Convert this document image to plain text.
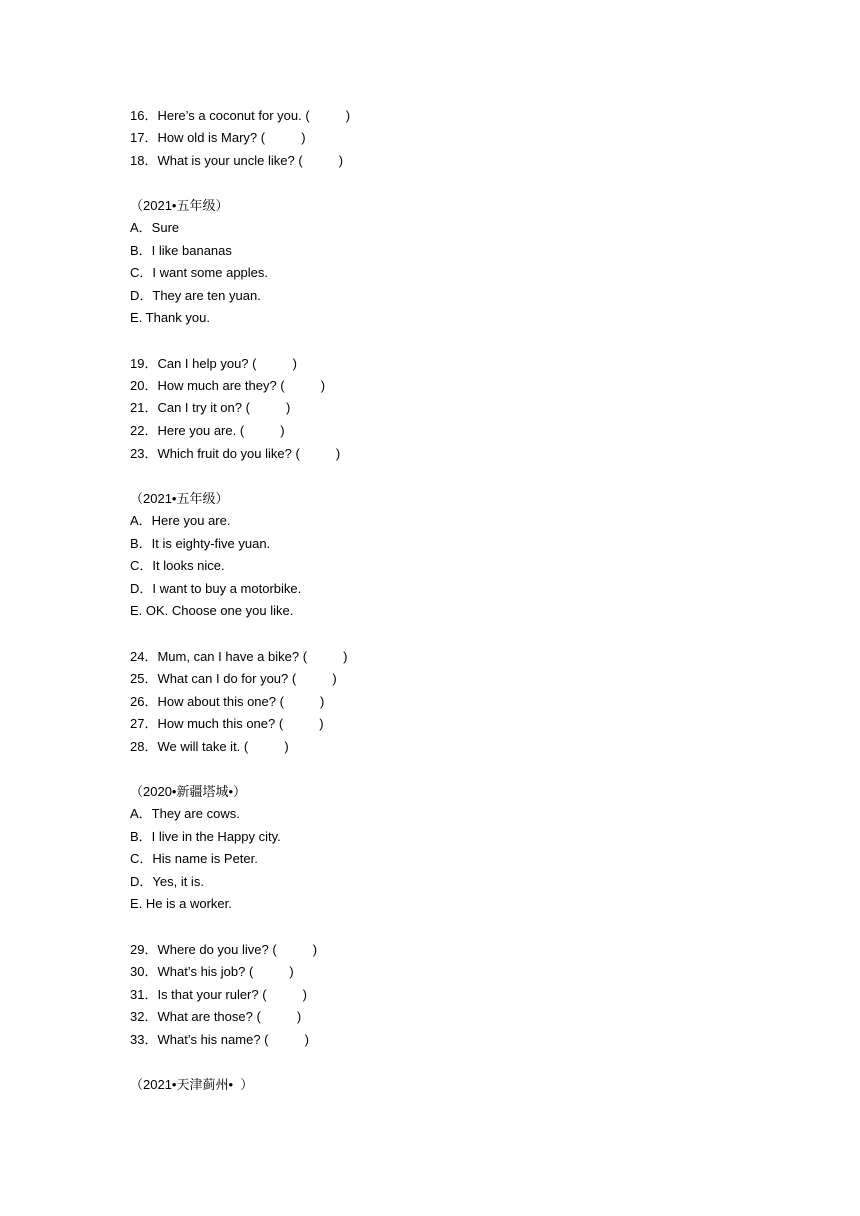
16．Here’s a coconut for you. (          )
17．How old is Mary? (          )
18．What is your uncle like? (          )
（2021•五年级）
A．Sure
B．I like bananas
C．I want some apples.
D．They are ten yuan.
E. Thank you.
19．Can I help you? (          )
20．How much are they? (          )
21．Can I try it on? (          )
22．Here you are. (          )
23．Which fruit do you like? (          )
（2021•五年级）
A．Here you are.
B．It is eighty-five yuan.
C．It looks nice.
D．I want to buy a motorbike.
E. OK. Choose one you like.
24．Mum, can I have a bike? (          )
25．What can I do for you? (          )
26．How about this one? (          )
27．How much this one? (          )
28．We will take it. (          )
（2020•新疆塔城•）
A．They are cows.
B．I live in the Happy city.
C．His name is Peter.
D．Yes, it is.
E. He is a worker.
29．Where do you live? (          )
30．What’s his job? (          )
31．Is that your ruler? (          )
32．What are those? (          )
33．What’s his name? (          )
（2021•天津蓟州•  ）
